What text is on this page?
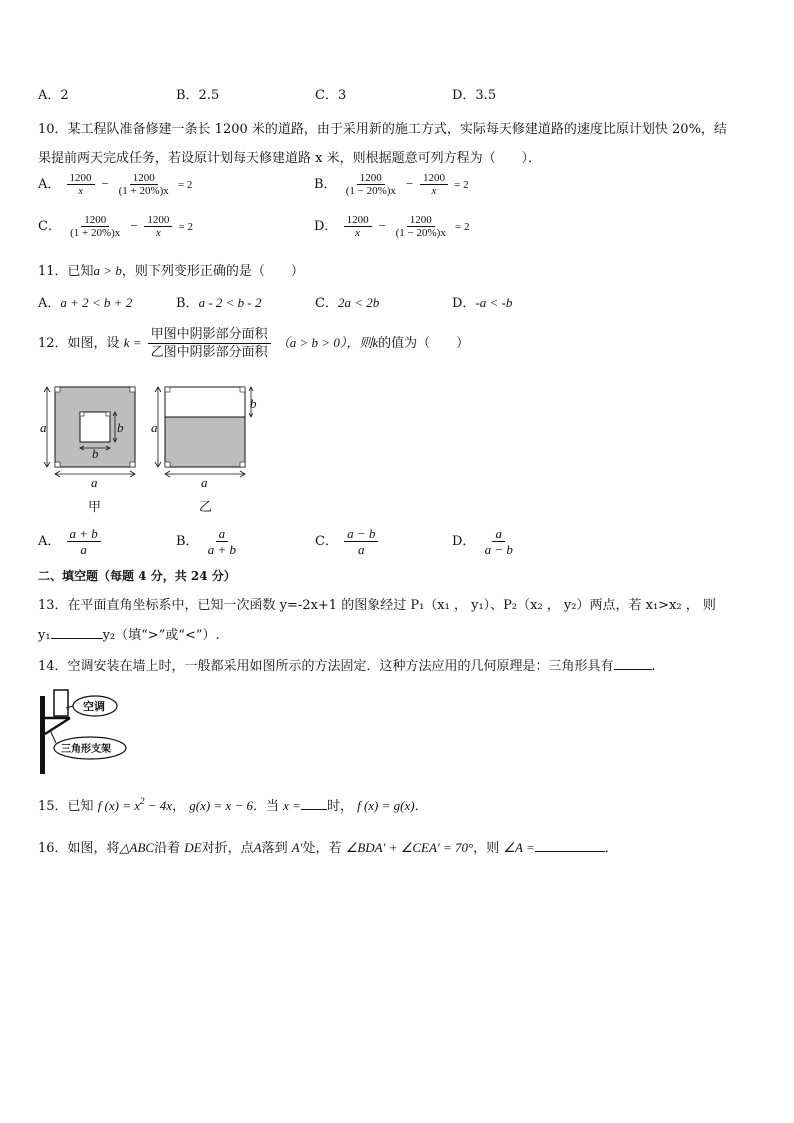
A．2	B．2.5	C．3	D．3.5
10．某工程队准备修建一条长 1200 米的道路，由于采用新的施工方式，实际每天修建道路的速度比原计划快 20%，结
果提前两天完成任务，若设原计划每天修建道路 x 米，则根据题意可列方程为（　　）．
A． $\frac{1200}{x} - \frac{1200}{(1 + 20\%)x} = 2$	B． $\frac{1200}{(1 - 20\%)x} - \frac{1200}{x} = 2$
C． $\frac{1200}{(1 + 20\%)x} - \frac{1200}{x} = 2$	D． $\frac{1200}{x} - \frac{1200}{(1 - 20\%)x} = 2$
11．已知a > b，则下列变形正确的是（　　）
A．a + 2 < b + 2	B．a - 2 < b - 2	C．2a < 2b	D．-a < -b
12．如图，设 $k = \frac{\text{甲图中阴影部分面积}}{\text{乙图中阴影部分面积}} (a > b > 0)$，则k的值为（　　）
a
a
b
b
a
a
b
甲	乙
A． $\frac{a + b}{a}$	B． $\frac{a}{a + b}$	C． $\frac{a - b}{a}$	D． $\frac{a}{a - b}$
二、填空题（每题 4 分，共 24 分）
13．在平面直角坐标系中，已知一次函数 y=-2x+1 的图象经过 P₁（x₁ ， y₁）、P₂（x₂ ， y₂）两点，若 x₁>x₂ ， 则
y₁	y₂（填“>”或“<”）.
14．空调安装在墙上时，一般都采用如图所示的方法固定．这种方法应用的几何原理是：三角形具有	.
空调
三角形支架
15．已知 f $(x) = x^2 - 4x$， g(x) = x − 6．当 x = 时， f (x) = g(x)．
16．如图，将△ABC沿着 DE对折，点A落到 A′处，若 ∠BDA′ + ∠CEA′ = 70°，则 ∠A =	．
